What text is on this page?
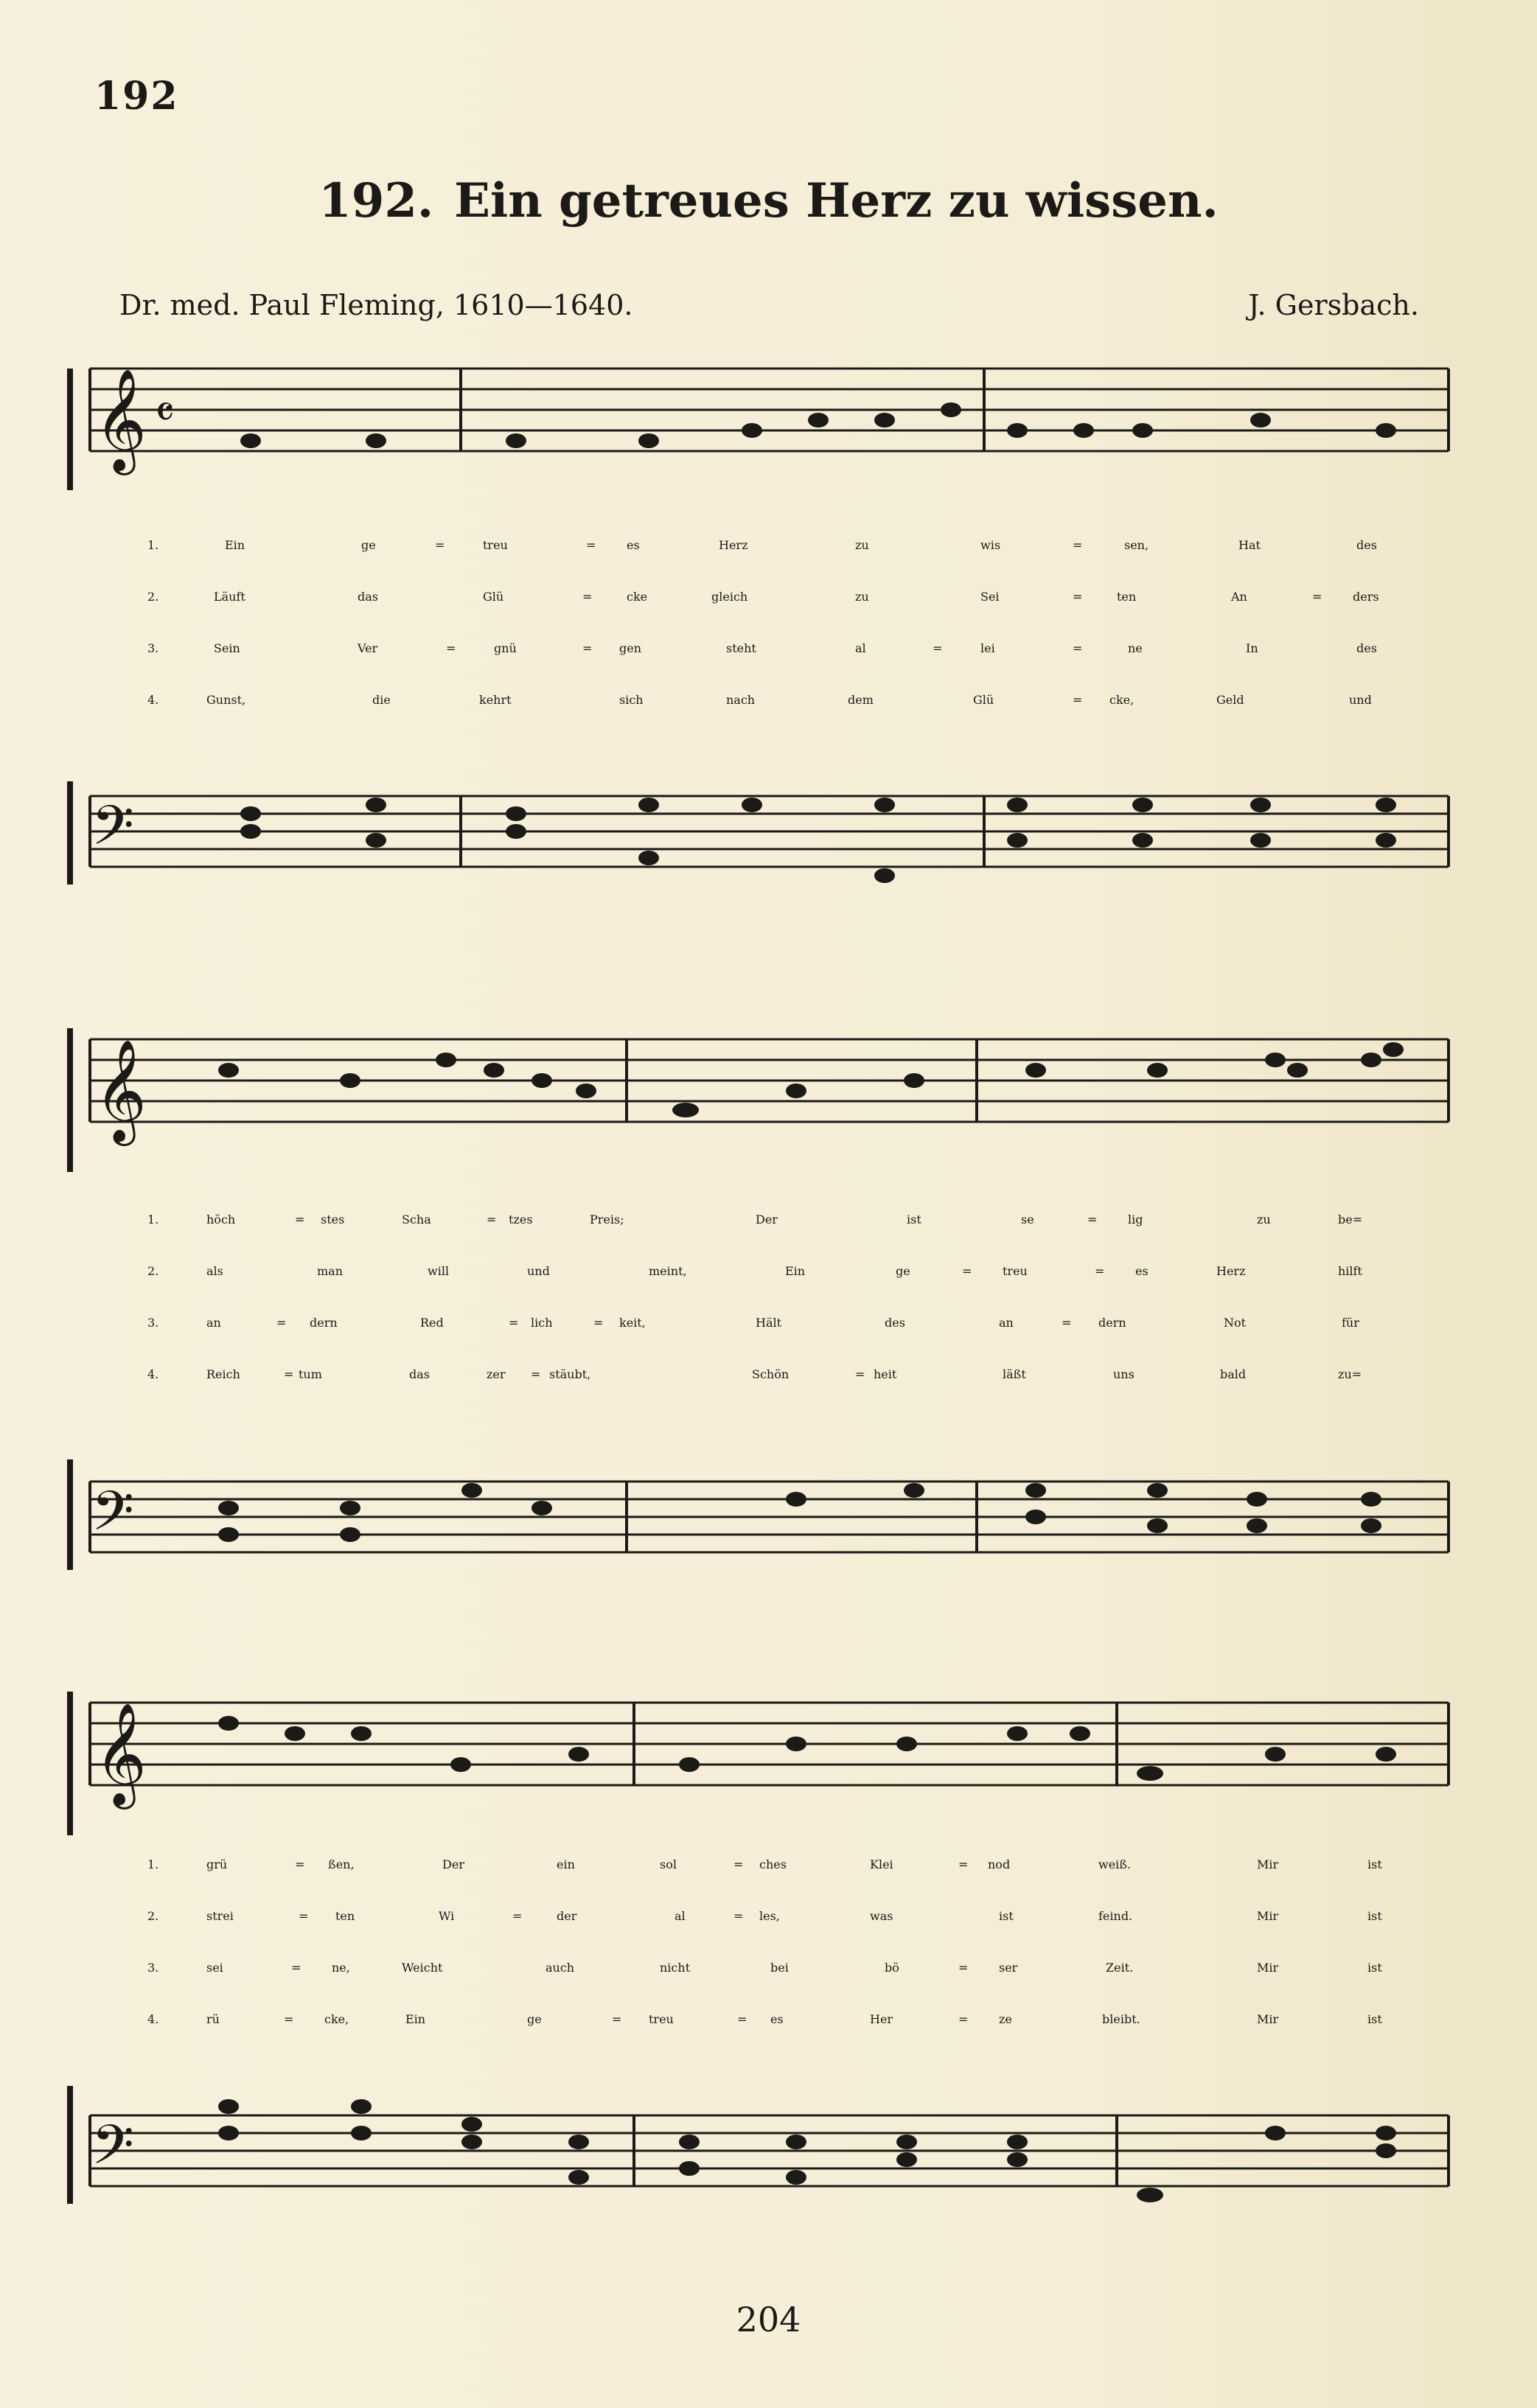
192
192. Ein getreues Herz zu wissen.
Dr. med. Paul Fleming, 1610—1640.	J. Gersbach.
𝄞 𝄴
1.	Ein	ge	=	treu	=	es	Herz	zu	wis	=	sen,	Hat	des
2.	Läuft	das	Glü	=	cke	gleich	zu	Sei	=	ten	An	=	ders
3.	Sein	Ver	=	gnü	= gen	steht	al	=	lei	=	ne	In	des
4.	Gunst,	die	kehrt	sich	nach	dem	Glü	= cke,	Geld	und
𝄢
𝄞
1.	höch	= stes	Scha	= tzes	Preis;	Der	ist	se	=	lig	zu	be=
2.	als	man	will	und	meint,	Ein	ge	=	treu	=	es	Herz	hilft
3.	an	= dern	Red	= lich	= keit,	Hält	des	an	= dern	Not	für
4.	Reich	= tum	das	zer = stäubt,	Schön	= heit	läßt	uns	bald	zu=
𝄢
𝄞
1.	grü	= ßen,	Der	ein	sol	= ches	Klei	= nod	weiß.	Mir	ist
2.	strei	= ten	Wi	=	der	al	= les,	was	ist	feind.	Mir	ist
3.	sei	=	ne,	Weicht	auch	nicht	bei	bö	=	ser	Zeit.	Mir	ist
4.	rü	=	cke,	Ein	ge	= treu	= es	Her	=	ze	bleibt.	Mir	ist
𝄢
204
